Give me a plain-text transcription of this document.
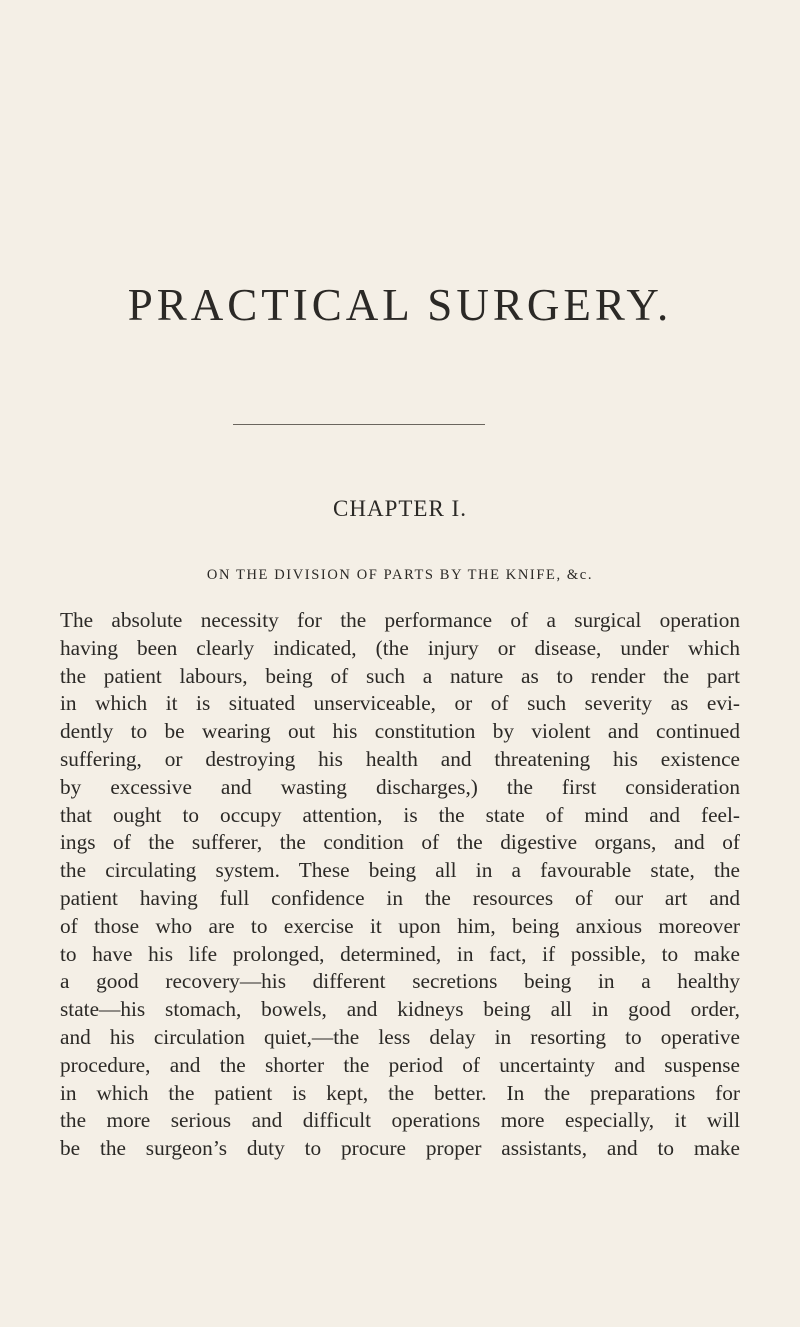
PRACTICAL SURGERY.
CHAPTER I.
ON THE DIVISION OF PARTS BY THE KNIFE, &c.
The absolute necessity for the performance of a surgical operation
having been clearly indicated, (the injury or disease, under which
the patient labours, being of such a nature as to render the part
in which it is situated unserviceable, or of such severity as evi-
dently to be wearing out his constitution by violent and continued
suffering, or destroying his health and threatening his existence
by excessive and wasting discharges,) the first consideration
that ought to occupy attention, is the state of mind and feel-
ings of the sufferer, the condition of the digestive organs, and of
the circulating system. These being all in a favourable state, the
patient having full confidence in the resources of our art and
of those who are to exercise it upon him, being anxious moreover
to have his life prolonged, determined, in fact, if possible, to make
a good recovery—his different secretions being in a healthy
state—his stomach, bowels, and kidneys being all in good order,
and his circulation quiet,—the less delay in resorting to operative
procedure, and the shorter the period of uncertainty and suspense
in which the patient is kept, the better. In the preparations for
the more serious and difficult operations more especially, it will
be the surgeon’s duty to procure proper assistants, and to make
